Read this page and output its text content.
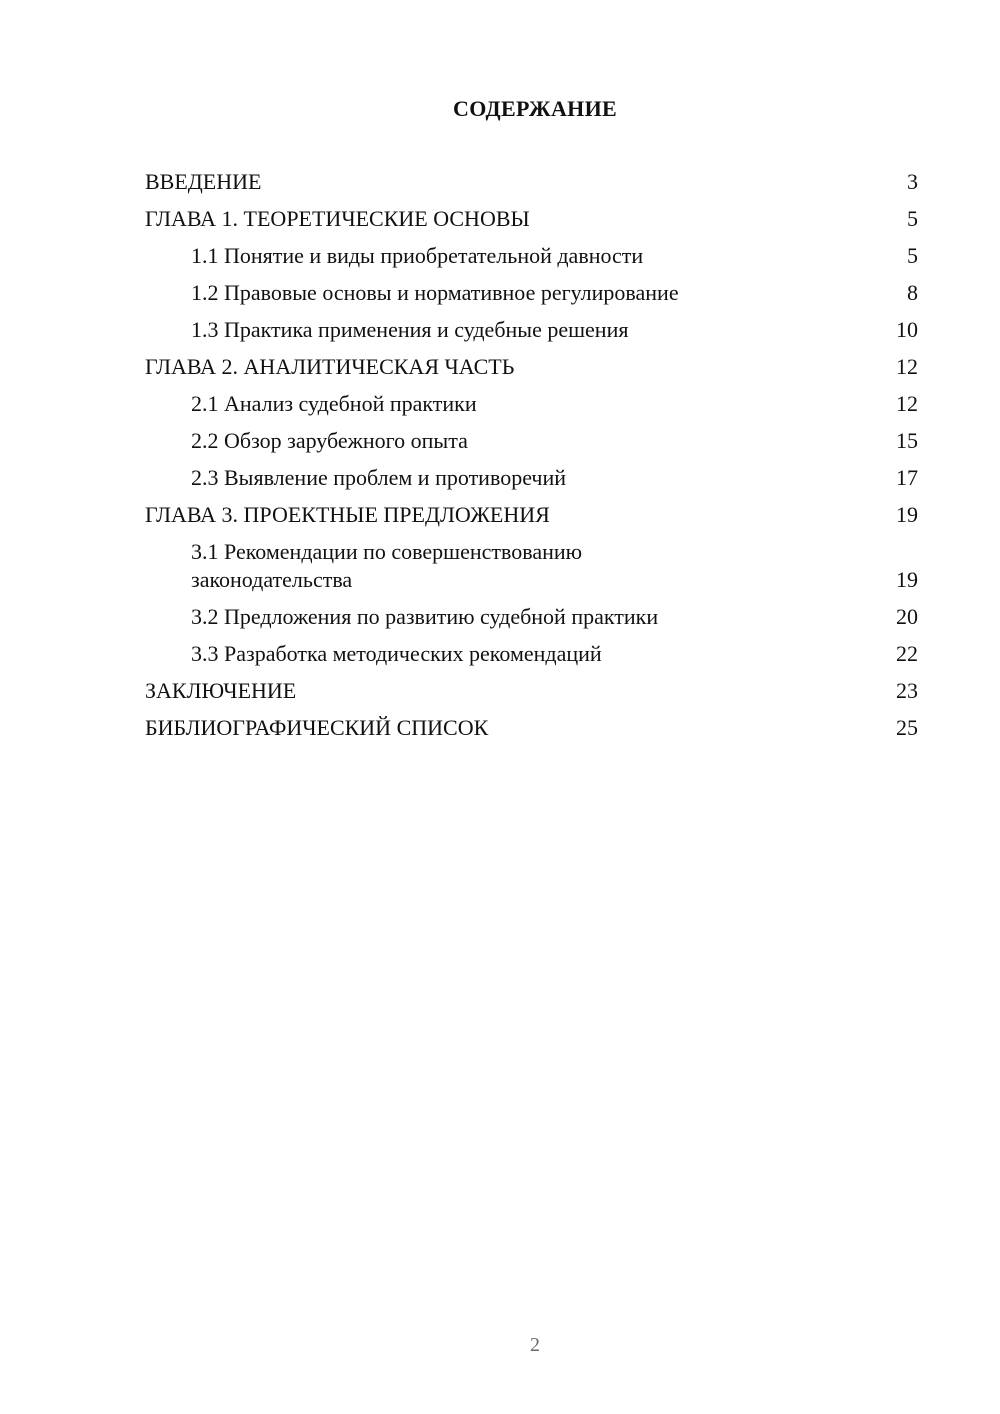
СОДЕРЖАНИЕ
ВВЕДЕНИЕ	3
ГЛАВА 1. ТЕОРЕТИЧЕСКИЕ ОСНОВЫ	5
1.1 Понятие и виды приобретательной давности	5
1.2 Правовые основы и нормативное регулирование	8
1.3 Практика применения и судебные решения	10
ГЛАВА 2. АНАЛИТИЧЕСКАЯ ЧАСТЬ	12
2.1 Анализ судебной практики	12
2.2 Обзор зарубежного опыта	15
2.3 Выявление проблем и противоречий	17
ГЛАВА 3. ПРОЕКТНЫЕ ПРЕДЛОЖЕНИЯ	19
3.1 Рекомендации по совершенствованию законодательства	19
3.2 Предложения по развитию судебной практики	20
3.3 Разработка методических рекомендаций	22
ЗАКЛЮЧЕНИЕ	23
БИБЛИОГРАФИЧЕСКИЙ СПИСОК	25
2
